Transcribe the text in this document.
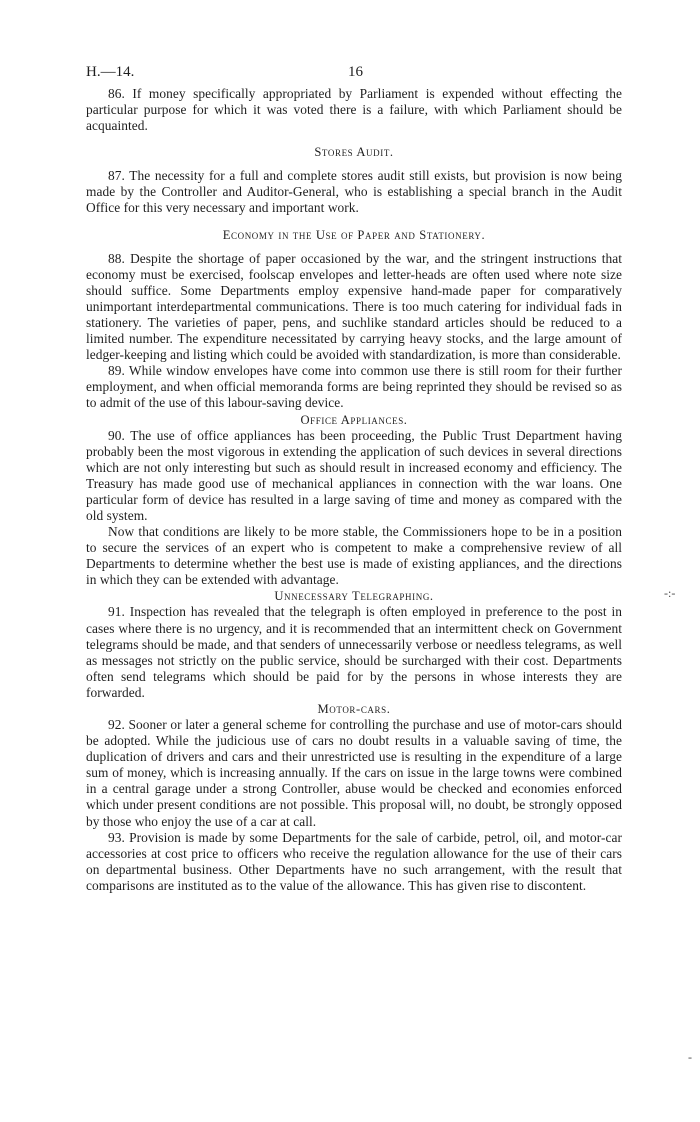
H.—14.	16

86. If money specifically appropriated by Parliament is expended without effecting the particular purpose for which it was voted there is a failure, with which Parliament should be acquainted.

Stores Audit.

87. The necessity for a full and complete stores audit still exists, but provision is now being made by the Controller and Auditor-General, who is establishing a special branch in the Audit Office for this very necessary and important work.

Economy in the Use of Paper and Stationery.

88. Despite the shortage of paper occasioned by the war, and the stringent instructions that economy must be exercised, foolscap envelopes and letter-heads are often used where note size should suffice. Some Departments employ expensive hand-made paper for comparatively unimportant interdepartmental communications. There is too much catering for individual fads in stationery. The varieties of paper, pens, and suchlike standard articles should be reduced to a limited number. The expenditure necessitated by carrying heavy stocks, and the large amount of ledger-keeping and listing which could be avoided with standardization, is more than considerable.

89. While window envelopes have come into common use there is still room for their further employment, and when official memoranda forms are being reprinted they should be revised so as to admit of the use of this labour-saving device.

Office Appliances.

90. The use of office appliances has been proceeding, the Public Trust Department having probably been the most vigorous in extending the application of such devices in several directions which are not only interesting but such as should result in increased economy and efficiency. The Treasury has made good use of mechanical appliances in connection with the war loans. One particular form of device has resulted in a large saving of time and money as compared with the old system.

Now that conditions are likely to be more stable, the Commissioners hope to be in a position to secure the services of an expert who is competent to make a comprehensive review of all Departments to determine whether the best use is made of existing appliances, and the directions in which they can be extended with advantage.

Unnecessary Telegraphing.

91. Inspection has revealed that the telegraph is often employed in preference to the post in cases where there is no urgency, and it is recommended that an intermittent check on Government telegrams should be made, and that senders of unnecessarily verbose or needless telegrams, as well as messages not strictly on the public service, should be surcharged with their cost. Departments often send telegrams which should be paid for by the persons in whose interests they are forwarded.

Motor-cars.

92. Sooner or later a general scheme for controlling the purchase and use of motor-cars should be adopted. While the judicious use of cars no doubt results in a valuable saving of time, the duplication of drivers and cars and their unrestricted use is resulting in the expenditure of a large sum of money, which is increasing annually. If the cars on issue in the large towns were combined in a central garage under a strong Controller, abuse would be checked and economies enforced which under present conditions are not possible. This proposal will, no doubt, be strongly opposed by those who enjoy the use of a car at call.

93. Provision is made by some Departments for the sale of carbide, petrol, oil, and motor-car accessories at cost price to officers who receive the regulation allowance for the use of their cars on departmental business. Other Departments have no such arrangement, with the result that comparisons are instituted as to the value of the allowance. This has given rise to discontent.

-:-
-
